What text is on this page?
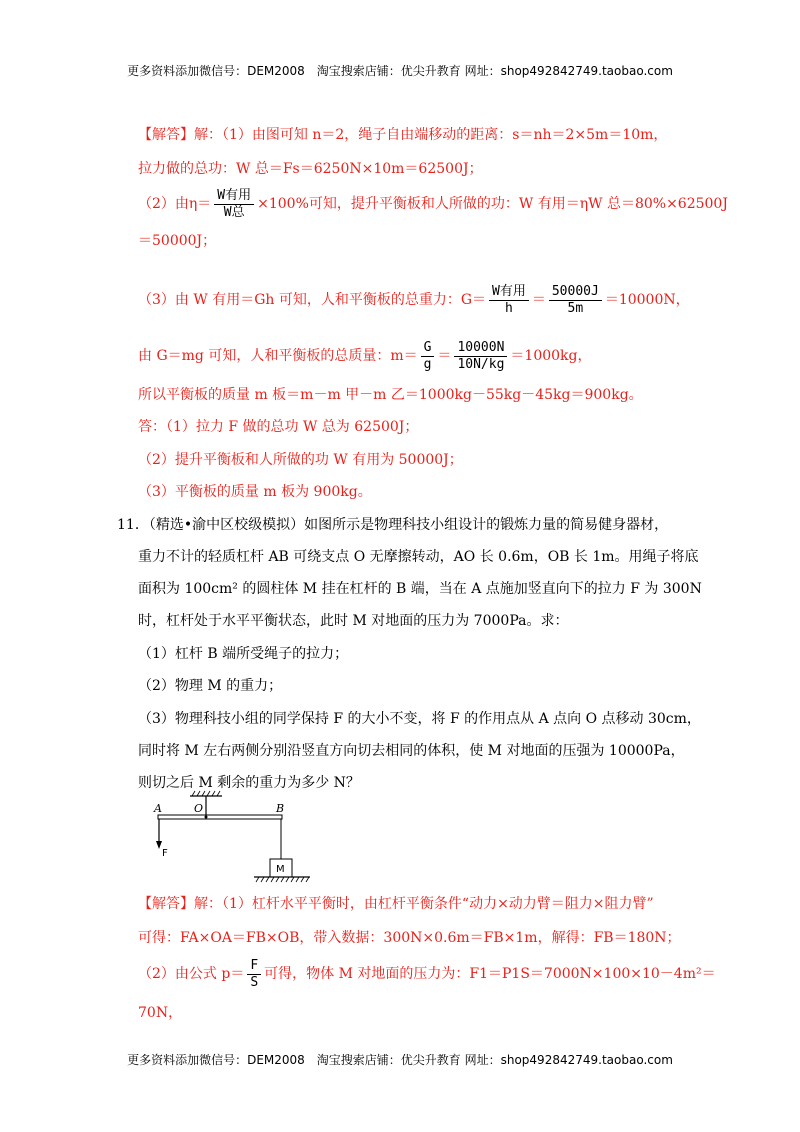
更多资料添加微信号：DEM2008　淘宝搜索店铺：优尖升教育 网址：shop492842749.taobao.com
【解答】解：（1）由图可知 n＝2，绳子自由端移动的距离：s＝nh＝2×5m＝10m，
拉力做的总功：W 总＝Fs＝6250N×10m＝62500J；
（2）由$\eta= \frac{\text{W有用}}{\text{W总}} \times 100\%$可知，提升平衡板和人所做的功：W 有用＝ηW 总＝80%×62500J
＝50000J；
（3）由 W 有用＝Gh 可知，人和平衡板的总重力：$G= \frac{\text{W有用}}{h} = \frac{50000J}{5m} =10000N$，
由 G＝mg 可知，人和平衡板的总质量：$m= \frac{G}{g} = \frac{10000N}{10N/kg} =1000kg$，
所以平衡板的质量 m 板＝m－m 甲－m 乙＝1000kg－55kg－45kg＝900kg。
答：（1）拉力 F 做的总功 W 总为 62500J；
（2）提升平衡板和人所做的功 W 有用为 50000J；
（3）平衡板的质量 m 板为 900kg。
11．（精选•渝中区校级模拟）如图所示是物理科技小组设计的锻炼力量的简易健身器材，
重力不计的轻质杠杆 AB 可绕支点 O 无摩擦转动，AO 长 0.6m，OB 长 1m。用绳子将底
面积为 100cm² 的圆柱体 M 挂在杠杆的 B 端，当在 A 点施加竖直向下的拉力 F 为 300N
时，杠杆处于水平平衡状态，此时 M 对地面的压力为 7000Pa。求：
（1）杠杆 B 端所受绳子的拉力；
（2）物理 M 的重力；
（3）物理科技小组的同学保持 F 的大小不变，将 F 的作用点从 A 点向 O 点移动 30cm，
同时将 M 左右两侧分别沿竖直方向切去相同的体积，使 M 对地面的压强为 10000Pa，
则切之后 M 剩余的重力为多少 N？
A	O	B
F
M
【解答】解：（1）杠杆水平平衡时，由杠杆平衡条件“动力×动力臂＝阻力×阻力臂”
可得：FA×OA＝FB×OB，带入数据：300N×0.6m＝FB×1m，解得：FB＝180N；
（2）由公式 $p= \frac{F}{S}$ 可得，物体 M 对地面的压力为：F1＝P1S＝7000N×100×10－4m²＝
70N，
更多资料添加微信号：DEM2008　淘宝搜索店铺：优尖升教育 网址：shop492842749.taobao.com
